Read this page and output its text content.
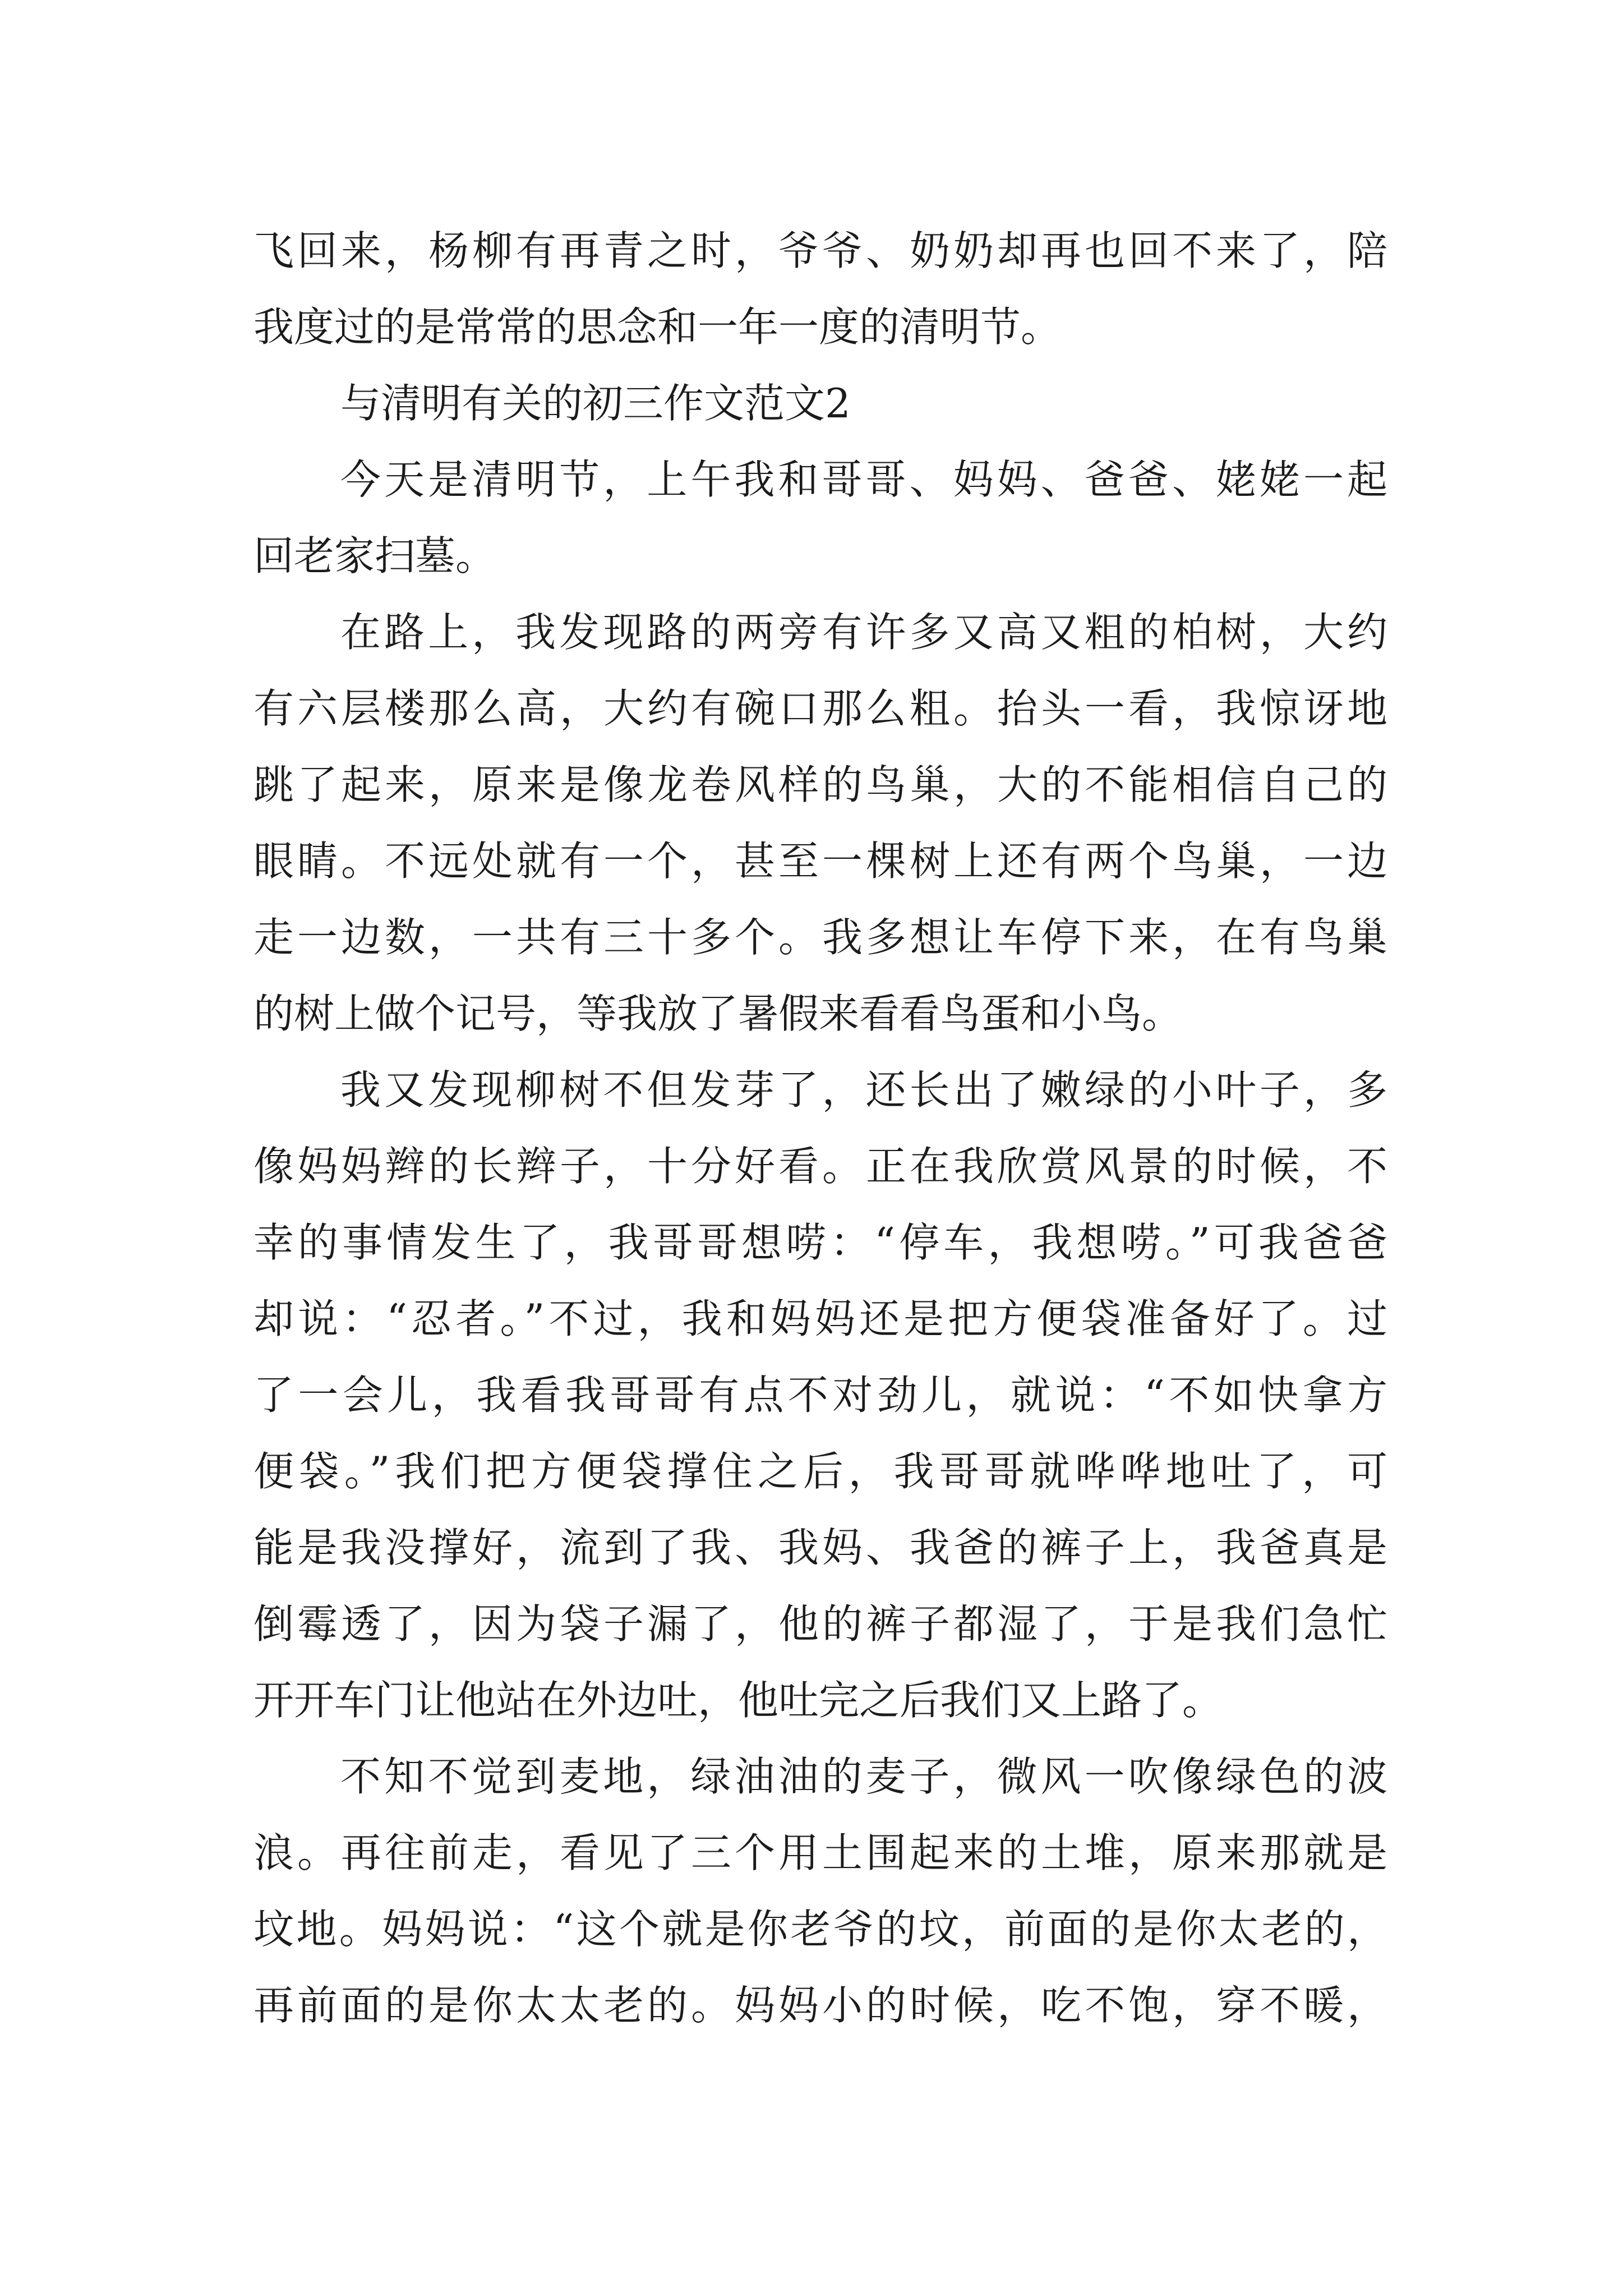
飞回来，杨柳有再青之时，爷爷、奶奶却再也回不来了，陪
我度过的是常常的思念和一年一度的清明节。
与清明有关的初三作文范文2
今天是清明节，上午我和哥哥、妈妈、爸爸、姥姥一起
回老家扫墓。
在路上，我发现路的两旁有许多又高又粗的柏树，大约
有六层楼那么高，大约有碗口那么粗。抬头一看，我惊讶地
跳了起来，原来是像龙卷风样的鸟巢，大的不能相信自己的
眼睛。不远处就有一个，甚至一棵树上还有两个鸟巢，一边
走一边数，一共有三十多个。我多想让车停下来，在有鸟巢
的树上做个记号，等我放了暑假来看看鸟蛋和小鸟。
我又发现柳树不但发芽了，还长出了嫩绿的小叶子，多
像妈妈辫的长辫子，十分好看。正在我欣赏风景的时候，不
幸的事情发生了，我哥哥想唠：“停车，我想唠。”可我爸爸
却说：“忍者。”不过，我和妈妈还是把方便袋准备好了。过
了一会儿，我看我哥哥有点不对劲儿，就说：“不如快拿方
便袋。”我们把方便袋撑住之后，我哥哥就哗哗地吐了，可
能是我没撑好，流到了我、我妈、我爸的裤子上，我爸真是
倒霉透了，因为袋子漏了，他的裤子都湿了，于是我们急忙
开开车门让他站在外边吐，他吐完之后我们又上路了。
不知不觉到麦地，绿油油的麦子，微风一吹像绿色的波
浪。再往前走，看见了三个用土围起来的土堆，原来那就是
坟地。妈妈说：“这个就是你老爷的坟，前面的是你太老的，
再前面的是你太太老的。妈妈小的时候，吃不饱，穿不暖，
